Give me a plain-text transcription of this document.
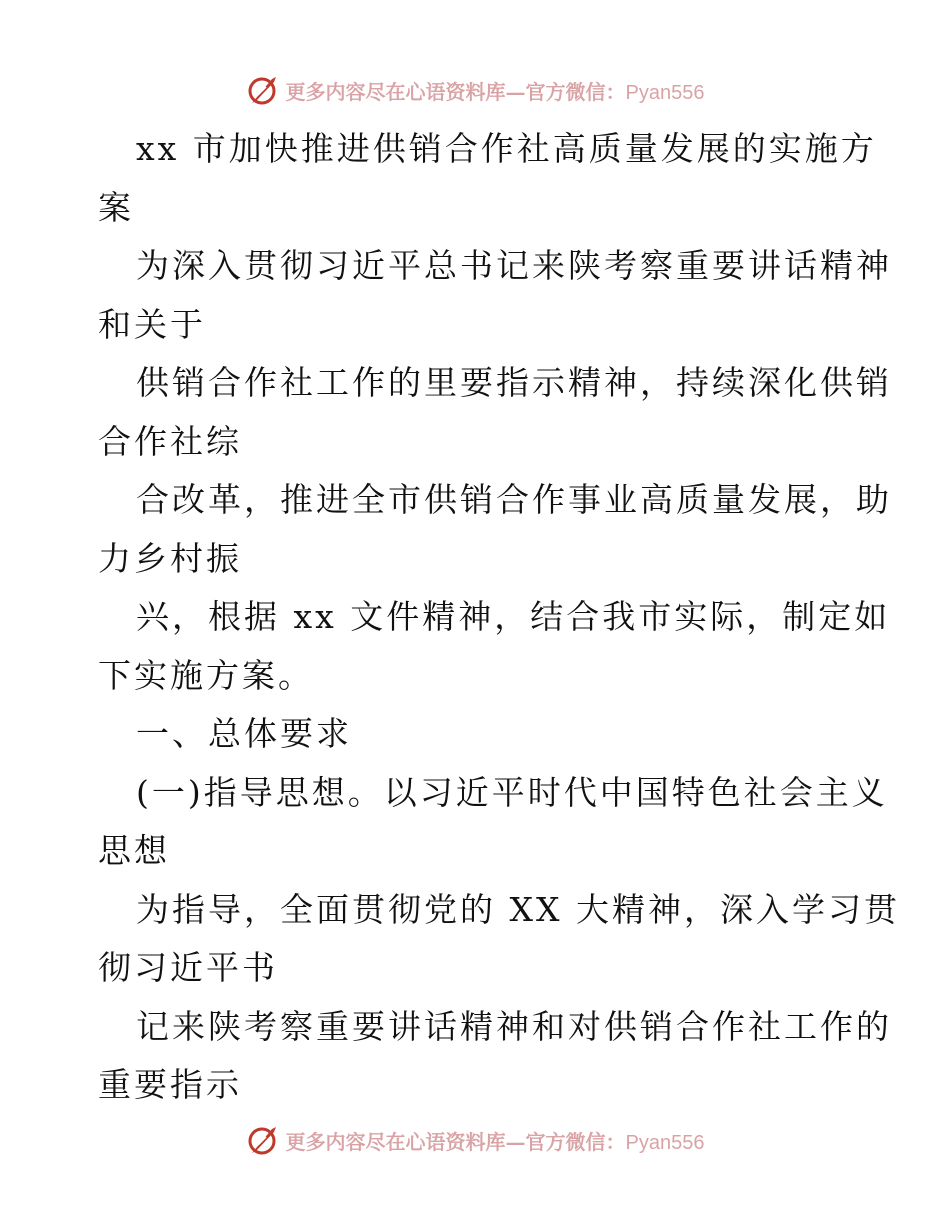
更多内容尽在心语资料库—官方微信：Pyan556
xx 市加快推进供销合作社高质量发展的实施方
案
为深入贯彻习近平总书记来陕考察重要讲话精神
和关于
供销合作社工作的里要指示精神，持续深化供销
合作社综
合改革，推进全市供销合作事业高质量发展，助
力乡村振
兴，根据 xx 文件精神，结合我市实际，制定如
下实施方案。
一、总体要求
(一)指导思想。以习近平时代中国特色社会主义
思想
为指导，全面贯彻党的 XX 大精神，深入学习贯
彻习近平书
记来陕考察重要讲话精神和对供销合作社工作的
重要指示
更多内容尽在心语资料库—官方微信：Pyan556
